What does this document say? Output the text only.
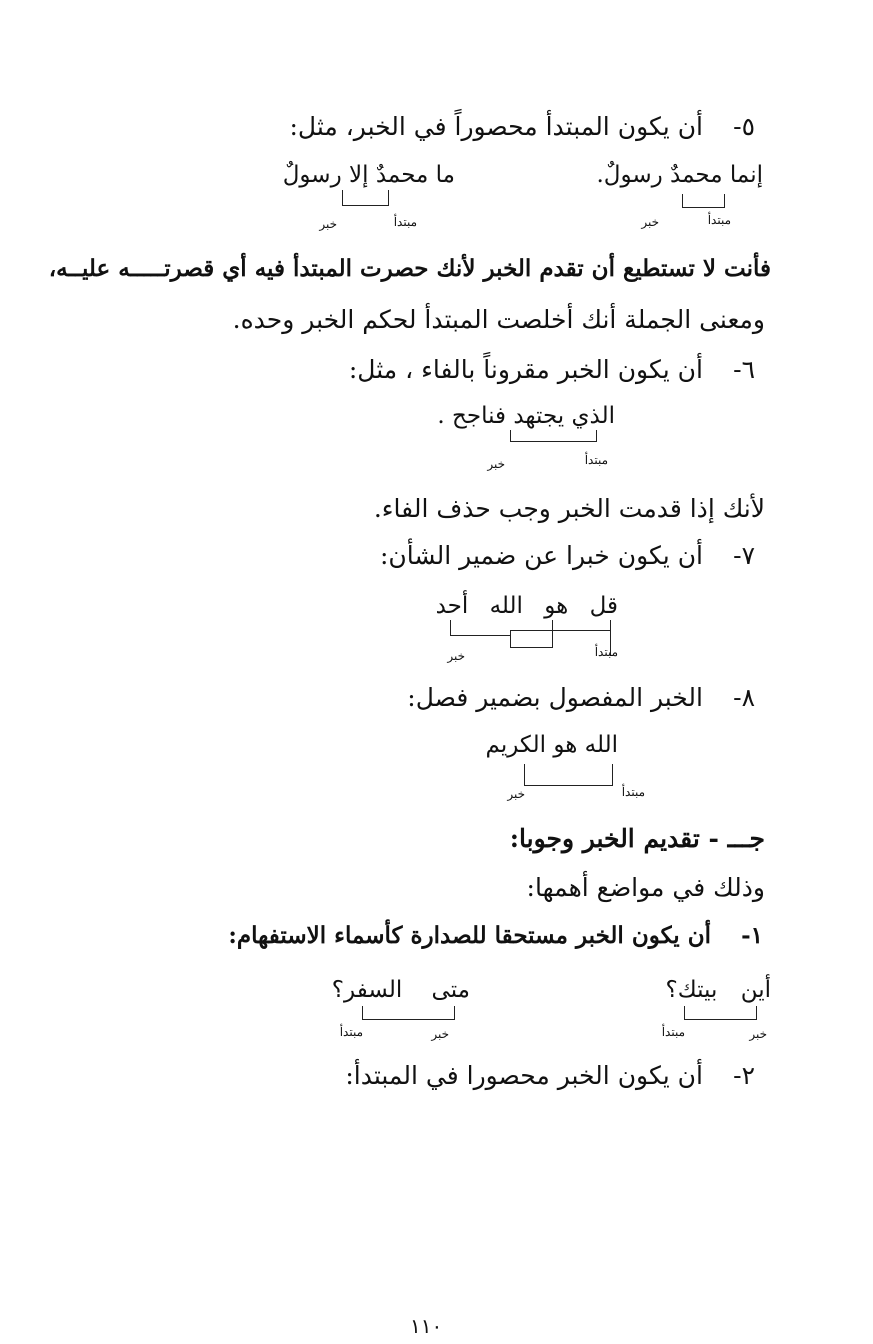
٥-أن يكون المبتدأ محصوراً في الخبر، مثل:
إنما محمدٌ رسولٌ.
ما محمدٌ إلا رسولٌ
مبتدأ
خبر
مبتدأ
خبر
فأنت لا تستطيع أن تقدم الخبر لأنك حصرت المبتدأ فيه أي قصرتـــــه عليــه،
ومعنى الجملة أنك أخلصت المبتدأ لحكم الخبر وحده.
٦-أن يكون الخبر مقروناً بالفاء ، مثل:
الذي يجتهد فناجح .
مبتدأ
خبر
لأنك إذا قدمت الخبر وجب حذف الفاء.
٧-أن يكون خبرا عن ضمير الشأن:
قل هو الله أحد
مبتدأ
خبر
٨-الخبر المفصول بضمير فصل:
الله هو الكريم
مبتدأ
خبر
جـــ - تقديم الخبر وجوبا:
وذلك في مواضع أهمها:
١-أن يكون الخبر مستحقا للصدارة كأسماء الاستفهام:
أين بيتك؟
متى السفر؟
خبر
مبتدأ
خبر
مبتدأ
٢-أن يكون الخبر محصورا في المبتدأ:
١١٠
